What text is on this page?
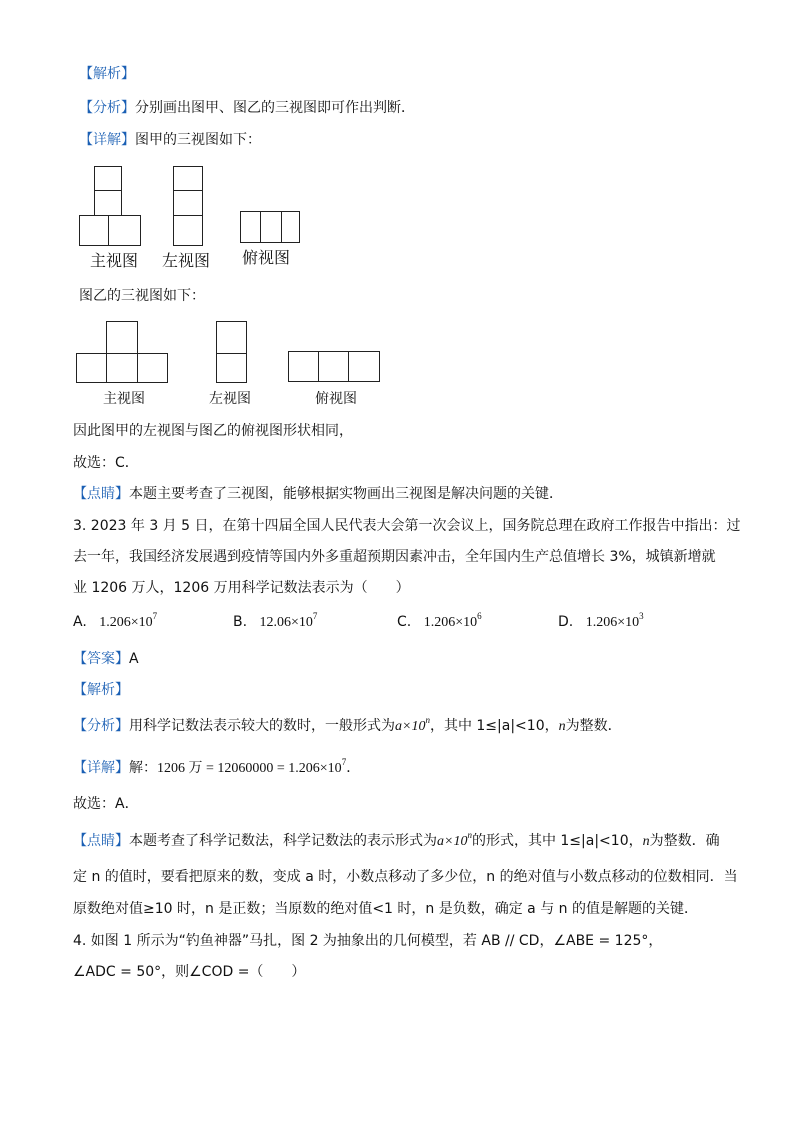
【解析】
【分析】分别画出图甲、图乙的三视图即可作出判断．
【详解】图甲的三视图如下：
主视图 左视图 俯视图
图乙的三视图如下：
主视图	左视图	俯视图
因此图甲的左视图与图乙的俯视图形状相同，
故选：C．
【点睛】本题主要考查了三视图，能够根据实物画出三视图是解决问题的关键．
3. 2023 年 3 月 5 日，在第十四届全国人民代表大会第一次会议上，国务院总理在政府工作报告中指出：过
去一年，我国经济发展遇到疫情等国内外多重超预期因素冲击，全年国内生产总值增长 3%，城镇新增就
业 1206 万人，1206 万用科学记数法表示为（　　）
A. $1.206\times 10^7$	B. $12.06\times 10^7$	C. $1.206\times 10^6$	D. $1.206\times 10^3$
【答案】A
【解析】
【分析】用科学记数法表示较大的数时，一般形式为$a\times 10^n$，其中 1≤|a|<10，n为整数．
【详解】解：1206 万 = $12060000 = 1.206\times 10^7$．
故选：A．
【点睛】本题考查了科学记数法，科学记数法的表示形式为$a\times 10^n$的形式，其中 1≤|a|<10，n为整数．确
定 n 的值时，要看把原来的数，变成 a 时，小数点移动了多少位，n 的绝对值与小数点移动的位数相同．当
原数绝对值≥10 时，n 是正数；当原数的绝对值<1 时，n 是负数，确定 a 与 n 的值是解题的关键．
4. 如图 1 所示为“钓鱼神器”马扎，图 2 为抽象出的几何模型，若 AB // CD，∠ABE = 125°，
∠ADC = 50°，则∠COD =（　　）
